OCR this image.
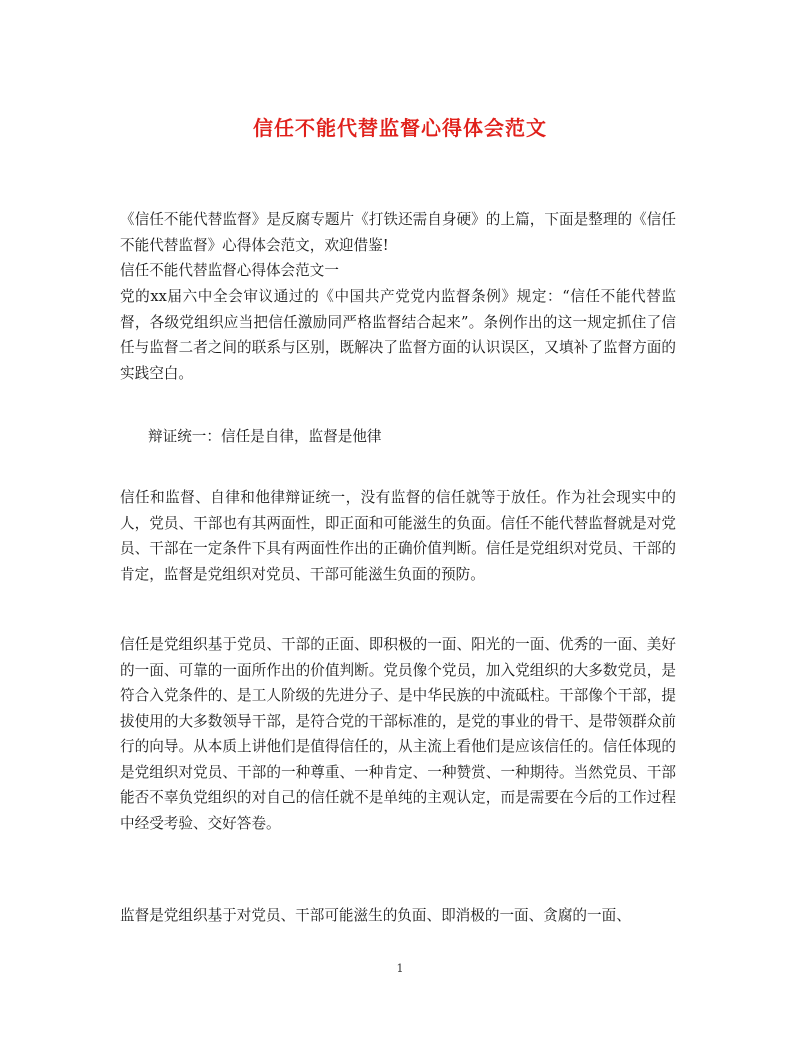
信任不能代替监督心得体会范文

《信任不能代替监督》是反腐专题片《打铁还需自身硬》的上篇，下面是整理的《信任不能代替监督》心得体会范文，欢迎借鉴!

信任不能代替监督心得体会范文一

党的xx届六中全会审议通过的《中国共产党党内监督条例》规定：“信任不能代替监督，各级党组织应当把信任激励同严格监督结合起来”。条例作出的这一规定抓住了信任与监督二者之间的联系与区别，既解决了监督方面的认识误区，又填补了监督方面的实践空白。

辩证统一：信任是自律，监督是他律

信任和监督、自律和他律辩证统一，没有监督的信任就等于放任。作为社会现实中的人，党员、干部也有其两面性，即正面和可能滋生的负面。信任不能代替监督就是对党员、干部在一定条件下具有两面性作出的正确价值判断。信任是党组织对党员、干部的肯定，监督是党组织对党员、干部可能滋生负面的预防。

信任是党组织基于党员、干部的正面、即积极的一面、阳光的一面、优秀的一面、美好的一面、可靠的一面所作出的价值判断。党员像个党员，加入党组织的大多数党员，是符合入党条件的、是工人阶级的先进分子、是中华民族的中流砥柱。干部像个干部，提拔使用的大多数领导干部，是符合党的干部标准的，是党的事业的骨干、是带领群众前行的向导。从本质上讲他们是值得信任的，从主流上看他们是应该信任的。信任体现的是党组织对党员、干部的一种尊重、一种肯定、一种赞赏、一种期待。当然党员、干部能否不辜负党组织的对自己的信任就不是单纯的主观认定，而是需要在今后的工作过程中经受考验、交好答卷。

监督是党组织基于对党员、干部可能滋生的负面、即消极的一面、贪腐的一面、

1
